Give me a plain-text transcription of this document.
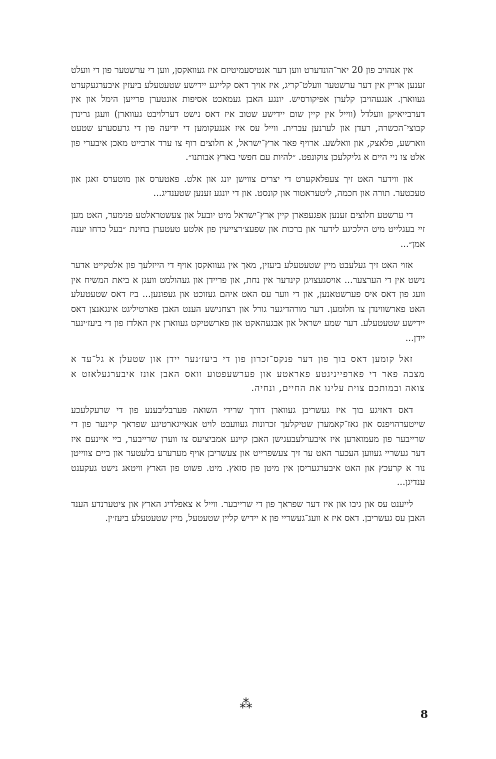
אין אנהויב פון 20 יאר־הונדערט ווען דער אנטיסעמיטיזם איז געוואקסן, ווען די ערשטער פון די וועלט זענען אריין אין דער ערשטער וועלט־קריג, איז אויך דאס קלייגע יידישע שטעטעלע ביעזין איבערגעקערט געווארן. אנגעהויבן קלערן אפיקורסיש. יונגע האבן געמאכט אסיפות אונטערן פרייען הימל און אין דערבייאיקן וועלדל (ווייל אין קיין שום יידישע שטוב איז דאס נישט דערלויבט געווארן) וועגן גרינדן קבוצי־הכשרה, רעדן און לערנען עברית. ווייל עס איז אנגעקומען די ידיעה פון די גרעסערע שטעט ווארשע, פלאצק, און וואלשע. ארויף פאר ארץ־ישראל, א חלוצים רוף צו ערד ארבייט מאכן איבערי פון אלט צו ניי היים א גליקלעכן צוקונפט. ״להיות עם חפשי בארץ אבותנו״.

און ווידער האט זיך צעפלאקערט די יצרים צווישן יונג און אלט. פאטערס און מוטערס זאגן און טעכטער. תורה און חכמה, ליטעראטור און קונסט. און די יונגע זענען שטענדיג...

די ערשטע חלוצים זענען אפגעפארן קיין ארץ־ישראל מיט יובעל און צעשטראלטע פנימער, האט מען זיי בעגלייט מיט הילכיגע לידער און ברכות און שפעצ׳רצייעין פון אלטע טעטערן בחינת ״בעל כרחו יענה אמן״...

אזוי האט זיך געלעבט מיין שטעטעלע ביעזין, מאך אין געוואקסן אויף די הייזלעך פון אלטקייט אדער נישט אין די הערצער... אויסגעצויגן קינדער אין נחת, און פריידן און געהולמט וועגן א ביאת המשיח אין וועג פון דאס איס פערשטאנען, און די ווער עס האט איהם געזוכט און געפונען... ביז דאס שטעטעלע האט פארשווינדן צו חלומען. דער מורהדיגער גורל און רצחנישע הענט האבן פארטיליגט אינגאנצן דאס יידישע שטעטעלע. דער שמע ישראל און אבגעהאקט און פארשטיקט געווארן אין האלדז פון די ביעז׳ינער יידן...

זאל קומען דאס בוך פון דער פנקס־זכרון פון די ביעז׳נער יידן און שטעלן א גל־עד א מצבה פאר די פארפייניגטע פאראטע און פערשעפטוע וואס האבן אונז איבערגעלאזט א צואה ובמותכם צוית עלינו את החיים, ונחיה.

דאס דאזיגע בוך איז געשריבן געווארן דורך שרידי השואה פערבליבענע פון די שרעקלעכע שייטערהויפנס און גאז־קאמערן שטיקלעך זכרונות געוועבט לויט אנאייגארטיגע שפראך קיינער פון די שרייבער פון מעמוארען איז איבערלעבעגישן האבן קיינע אמביציעס צו ווערן שרייבער, ביי איינעם איז דער געשריי געווען העכער האט ער זיך צעשפרייט און צעשריבן אויף מערערע בלעטער און ביים צווייטן נור א קרעכץ און האט איבערגעריסן אין מיטן פון סזאץ. מיט. פשוט פון הארץ וויטאג נישט געקענט ענדיגן...

לייענט עס און גיבו און איז דער שפראך פון די שרייבער. ווייל א צאפלדיג הארץ און ציטערנדע הענד האבן עס געשריבן. דאס איז א וועג־געשריי פון א יידיש קליין שטעטעל, מיין שטעטעלע ביעז׳ין.

⁂
8
